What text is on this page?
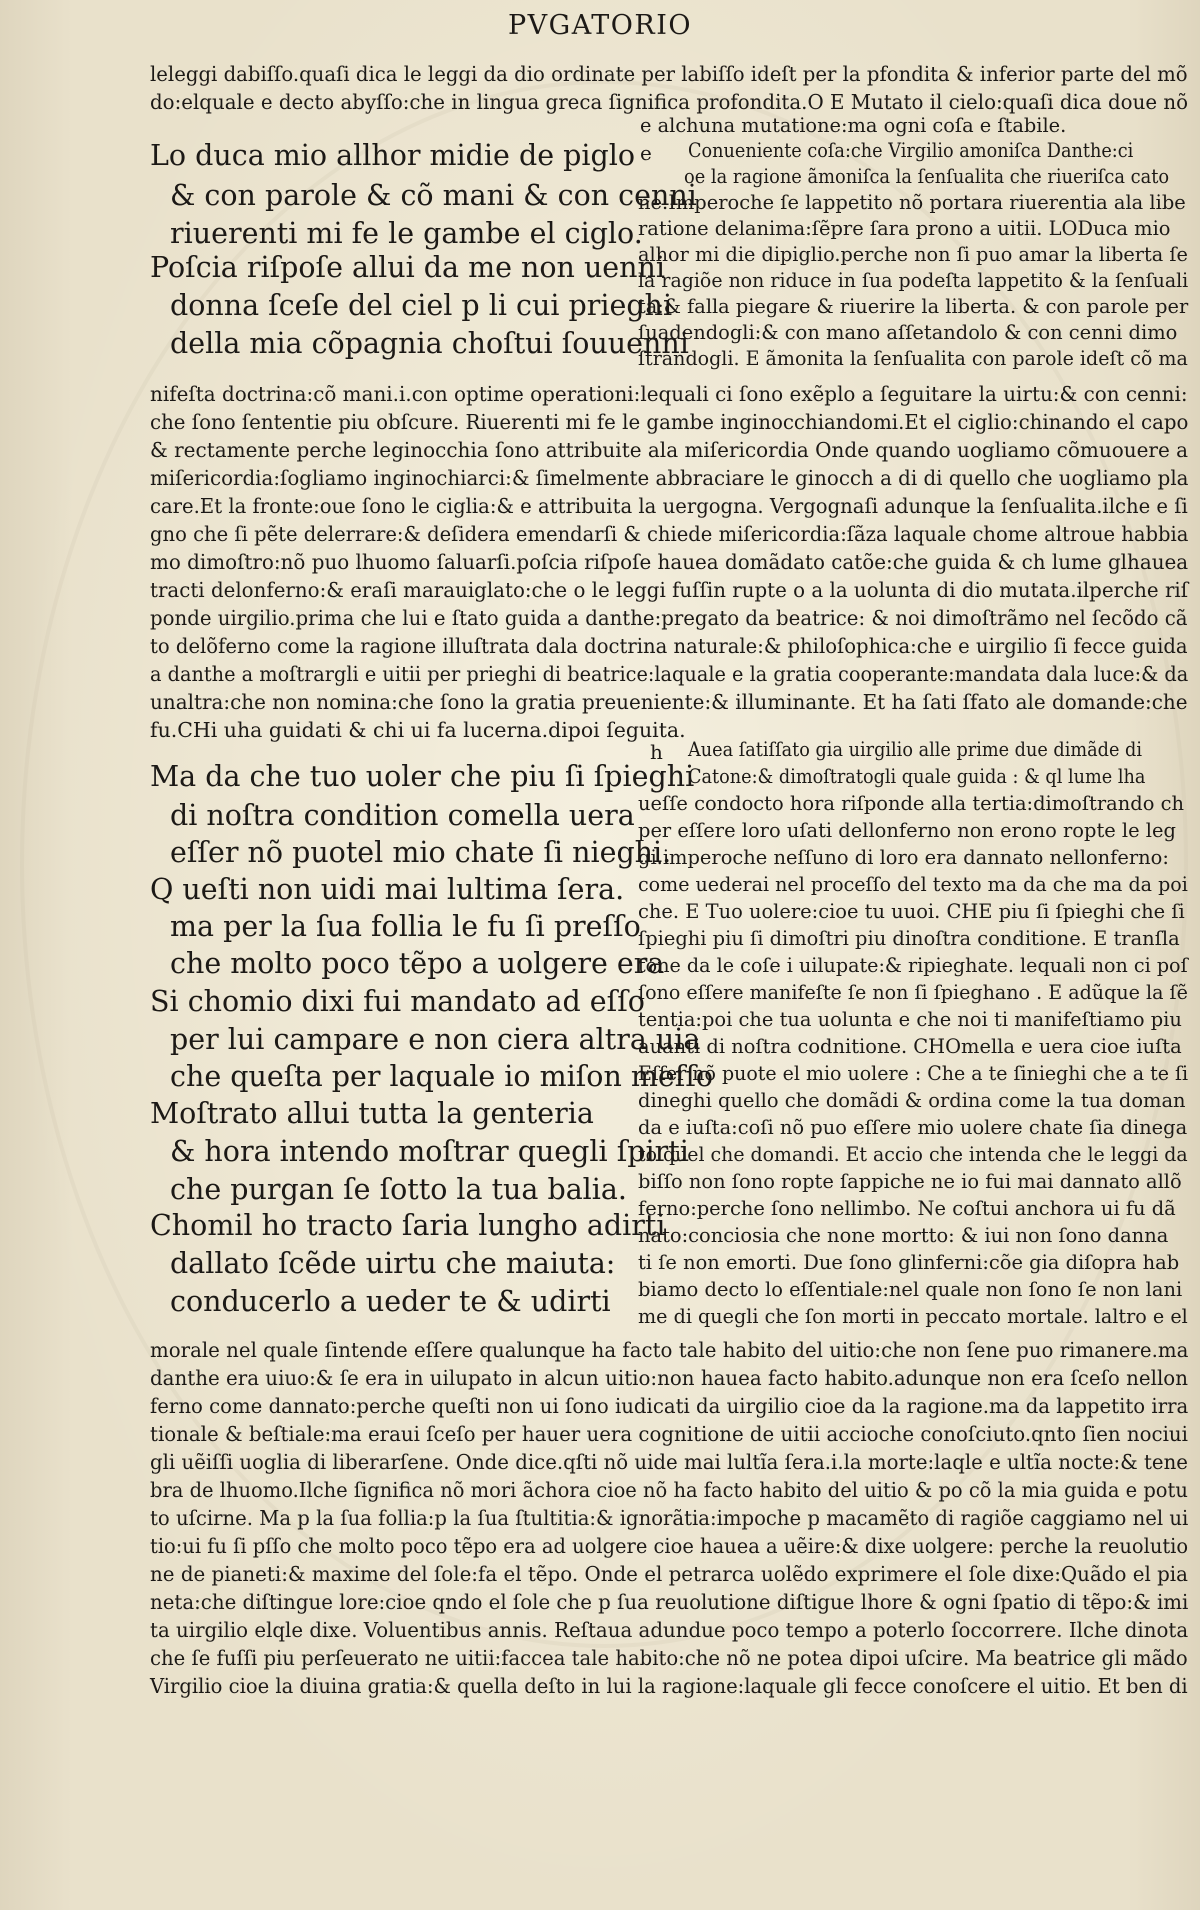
PVGATORIO
leleggi dabiſſo.quaſi dica le leggi da dio ordinate per labiſſo ideſt per la pfondita & inferior parte del mõ
do:elquale e decto abyſſo:che in lingua greca ſignifica profondita.O E Mutato il cielo:quaſi dica doue nõ
e alchuna mutatione:ma ogni coſa e ſtabile.
e Conueniente coſa:che Virgilio amoniſca Danthe:ci
oe la ragione ãmoniſca la ſenſualita che riueriſca cato
ne.Imperoche ſe lappetito nõ portara riuerentia ala libe
ratione delanima:ſẽpre ſara prono a uitii. LODuca mio
alhor mi die dipiglio.perche non ſi puo amar la liberta ſe
la ragiõe non riduce in ſua podeſta lappetito & la ſenſuali
ta:& falla piegare & riuerire la liberta. & con parole per
ſuadendogli:& con mano aſſetandolo & con cenni dimo
ſtrandogli. E ãmonita la ſenſualita con parole ideſt cõ ma
Lo duca mio allhor midie de piglo
& con parole & cõ mani & con cenni
riuerenti mi fe le gambe el ciglo.
Poſcia riſpoſe allui da me non uenni
donna ſceſe del ciel p li cui prieghi
della mia cõpagnia choſtui ſouuenni
nifeſta doctrina:cõ mani.i.con optime operationi:lequali ci ſono exẽplo a ſeguitare la uirtu:& con cenni:
che ſono ſententie piu obſcure. Riuerenti mi fe le gambe inginocchiandomi.Et el ciglio:chinando el capo
& rectamente perche leginocchia ſono attribuite ala miſericordia Onde quando uogliamo cõmuouere a
miſericordia:ſogliamo inginochiarci:& ſimelmente abbraciare le ginocch a di di quello che uogliamo pla
care.Et la fronte:oue ſono le ciglia:& e attribuita la uergogna. Vergognaſi adunque la ſenſualita.ilche e ſi
gno che ſi pẽte delerrare:& deſidera emendarſi & chiede miſericordia:ſãza laquale chome altroue habbia
mo dimoſtro:nõ puo lhuomo ſaluarſi.poſcia riſpoſe hauea domãdato catõe:che guida & ch lume glhauea
tracti delonferno:& eraſi marauiglato:che o le leggi fuſſin rupte o a la uolunta di dio mutata.ilperche riſ
ponde uirgilio.prima che lui e ſtato guida a danthe:pregato da beatrice: & noi dimoſtrãmo nel ſecõdo cã
to delõferno come la ragione illuſtrata dala doctrina naturale:& philoſophica:che e uirgilio ſi fecce guida
a danthe a moſtrargli e uitii per prieghi di beatrice:laquale e la gratia cooperante:mandata dala luce:& da
unaltra:che non nomina:che ſono la gratia preueniente:& illuminante. Et ha ſati ſfato ale domande:che
fu.CHi uha guidati & chi ui fa lucerna.dipoi ſeguita.
h Auea ſatiſſato gia uirgilio alle prime due dimãde di
Catone:& dimoſtratogli quale guida : & ql lume lha
ueſſe condocto hora riſponde alla tertia:dimoſtrando ch
per eſſere loro uſati dellonferno non erono ropte le leg
gi.imperoche neſſuno di loro era dannato nellonferno:
come uederai nel proceſſo del texto ma da che ma da poi
che. E Tuo uolere:cioe tu uuoi. CHE piu ſi ſpieghi che ſi
ſpieghi piu ſi dimoſtri piu dinoſtra conditione. E tranſla
tone da le coſe i uilupate:& ripieghate. lequali non ci poſ
ſono eſſere manifeſte ſe non ſi ſpieghano . E adũque la ſẽ
tentia:poi che tua uolunta e che noi ti manifeſtiamo piu
auanti di noſtra codnitione. CHOmella e uera cioe iuſta
Eſſer nõ puote el mio uolere : Che a te ſinieghi che a te ſi
dineghi quello che domãdi & ordina come la tua doman
da e iuſta:coſi nõ puo eſſere mio uolere chate ſia dinega
to quel che domandi. Et accio che intenda che le leggi da
biſſo non ſono ropte ſappiche ne io fui mai dannato allõ
ferno:perche ſono nellimbo. Ne coſtui anchora ui fu dã
nato:conciosia che none mortto: & iui non ſono danna
ti ſe non emorti. Due ſono glinferni:cõe gia diſopra hab
biamo decto lo eſſentiale:nel quale non ſono ſe non lani
me di quegli che ſon morti in peccato mortale. laltro e el
Ma da che tuo uoler che piu ſi ſpieghi
di noſtra condition comella uera
eſſer nõ puotel mio chate ſi nieghi.
Q ueſti non uidi mai lultima ſera.
ma per la ſua follia le fu ſi preſſo
che molto poco tẽpo a uolgere era
Si chomio dixi fui mandato ad eſſo
per lui campare e non ciera altra uia
che queſta per laquale io miſon meſſo
Moſtrato allui tutta la genteria
& hora intendo moſtrar quegli ſpirti
che purgan ſe ſotto la tua balia.
Chomil ho tracto ſaria lungho adirti
dallato ſcẽde uirtu che maiuta:
conducerlo a ueder te & udirti
morale nel quale ſintende eſſere qualunque ha facto tale habito del uitio:che non ſene puo rimanere.ma
danthe era uiuo:& ſe era in uilupato in alcun uitio:non hauea facto habito.adunque non era ſceſo nellon
ferno come dannato:perche queſti non ui ſono iudicati da uirgilio cioe da la ragione.ma da lappetito irra
tionale & beſtiale:ma eraui ſceſo per hauer uera cognitione de uitii accioche conoſciuto.qnto ſien nociui
gli uẽiſſi uoglia di liberarſene. Onde dice.qſti nõ uide mai lultĩa ſera.i.la morte:laqle e ultĩa nocte:& tene
bra de lhuomo.Ilche ſignifica nõ mori ãchora cioe nõ ha facto habito del uitio & po cõ la mia guida e potu
to uſcirne. Ma p la ſua follia:p la ſua ſtultitia:& ignorãtia:impoche p macamẽto di ragiõe caggiamo nel ui
tio:ui fu ſi pſſo che molto poco tẽpo era ad uolgere cioe hauea a uẽire:& dixe uolgere: perche la reuolutio
ne de pianeti:& maxime del ſole:fa el tẽpo. Onde el petrarca uolẽdo exprimere el ſole dixe:Quãdo el pia
neta:che diſtingue lore:cioe qndo el ſole che p ſua reuolutione diſtigue lhore & ogni ſpatio di tẽpo:& imi
ta uirgilio elqle dixe. Voluentibus annis. Reſtaua adundue poco tempo a poterlo ſoccorrere. Ilche dinota
che ſe fuſſi piu perſeuerato ne uitii:faccea tale habito:che nõ ne potea dipoi uſcire. Ma beatrice gli mãdo
Virgilio cioe la diuina gratia:& quella deſto in lui la ragione:laquale gli fecce conoſcere el uitio. Et ben di
